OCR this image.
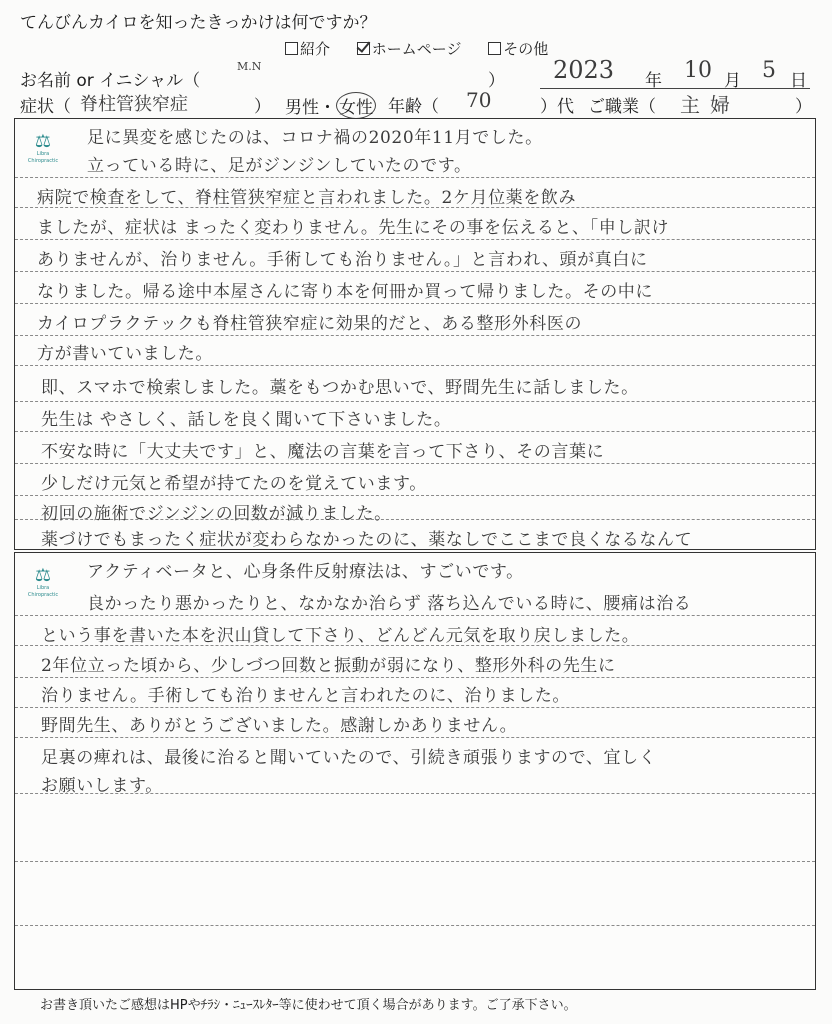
てんびんカイロを知ったきっかけは何ですか？
紹介	ホームページ	その他
お名前 or イニシャル（
M.N
） 2023 年 10 月 5 日
症状（ 脊柱管狭窄症	） 男性・ 女性 年齢（ 70	）代 ご職業（ 主婦	）
⚖
Libra Chiropractic
足に異変を感じたのは、コロナ禍の2020年11月でした。
立っている時に、足がジンジンしていたのです。
病院で検査をして、脊柱管狭窄症と言われました。2ケ月位薬を飲み
ましたが、症状は まったく変わりません。先生にその事を伝えると、「申し訳け
ありませんが、治りません。手術しても治りません。」と言われ、頭が真白に
なりました。帰る途中本屋さんに寄り本を何冊か買って帰りました。その中に
カイロプラクテックも脊柱管狭窄症に効果的だと、ある整形外科医の
方が書いていました。
即、スマホで検索しました。藁をもつかむ思いで、野間先生に話しました。
先生は やさしく、話しを良く聞いて下さいました。
不安な時に「大丈夫です」と、魔法の言葉を言って下さり、その言葉に
少しだけ元気と希望が持てたのを覚えています。
初回の施術でジンジンの回数が減りました。
薬づけでもまったく症状が変わらなかったのに、薬なしでここまで良くなるなんて
⚖
Libra Chiropractic
アクティベータと、心身条件反射療法は、すごいです。
良かったり悪かったりと、なかなか治らず 落ち込んでいる時に、腰痛は治る
という事を書いた本を沢山貸して下さり、どんどん元気を取り戻しました。
2年位立った頃から、少しづつ回数と振動が弱になり、整形外科の先生に
治りません。手術しても治りませんと言われたのに、治りました。
野間先生、ありがとうございました。感謝しかありません。
足裏の痺れは、最後に治ると聞いていたので、引続き頑張りますので、宜しく
お願いします。
お書き頂いたご感想はHPやﾁﾗｼ・ﾆｭｰｽﾚﾀｰ等に使わせて頂く場合があります。ご了承下さい。
